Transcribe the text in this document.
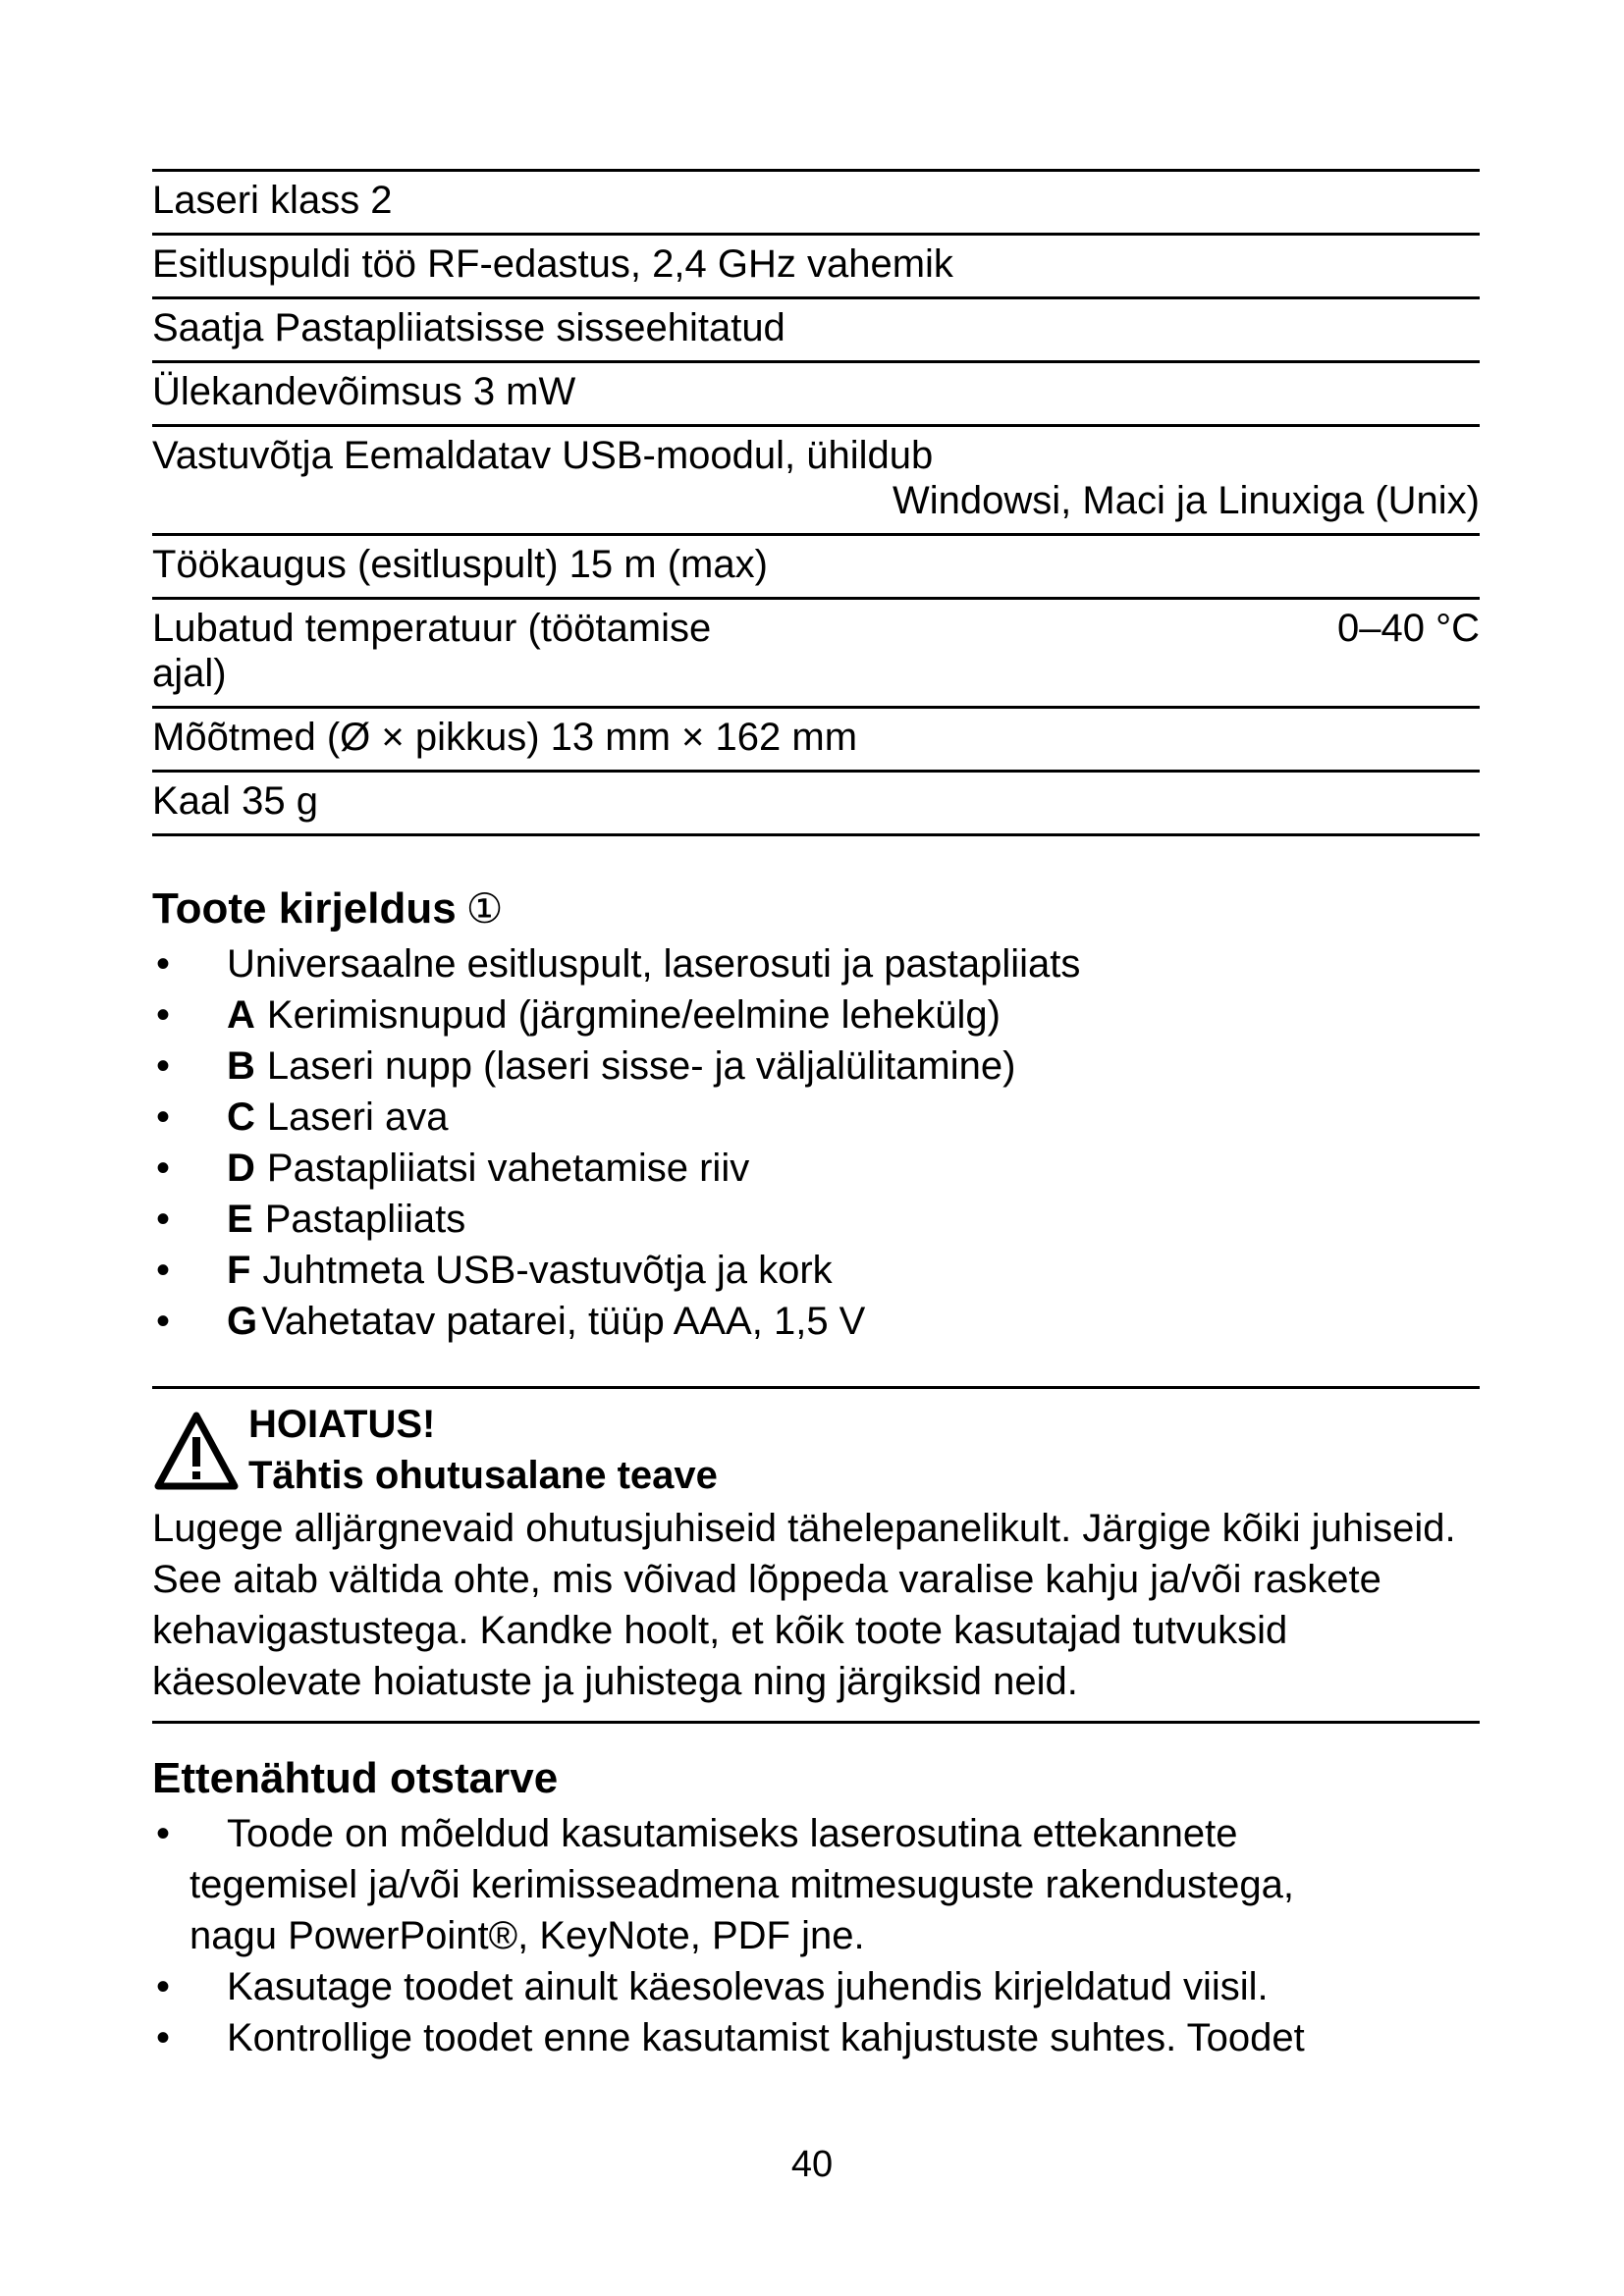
Laseri klass 2
Esitluspuldi töö RF-edastus, 2,4 GHz vahemik
Saatja Pastapliiatsisse sisseehitatud
Ülekandevõimsus 3 mW
Vastuvõtja Eemaldatav USB-moodul, ühildub
Windowsi, Maci ja Linuxiga (Unix)
Töökaugus (esitluspult) 15 m (max)
Lubatud temperatuur (töötamise	0–40 °C
ajal)
Mõõtmed (Ø × pikkus) 13 mm × 162 mm
Kaal 35 g
Toote kirjeldus ①
•	Universaalne esitluspult, laserosuti ja pastapliiats
•	A Kerimisnupud (järgmine/eelmine lehekülg)
•	B Laseri nupp (laseri sisse- ja väljalülitamine)
•	C Laseri ava
•	D Pastapliiatsi vahetamise riiv
•	E Pastapliiats
•	F Juhtmeta USB-vastuvõtja ja kork
•	G Vahetatav patarei, tüüp AAA, 1,5 V
HOIATUS!
Tähtis ohutusalane teave
Lugege alljärgnevaid ohutusjuhiseid tähelepanelikult. Järgige kõiki juhiseid. See aitab vältida ohte, mis võivad lõppeda varalise kahju ja/või raskete kehavigastustega. Kandke hoolt, et kõik toote kasutajad tutvuksid käesolevate hoiatuste ja juhistega ning järgiksid neid.
Ettenähtud otstarve
•	Toode on mõeldud kasutamiseks laserosutina ettekannete
tegemisel ja/või kerimisseadmena mitmesuguste rakendustega,
nagu PowerPoint®, KeyNote, PDF jne.
•	Kasutage toodet ainult käesolevas juhendis kirjeldatud viisil.
•	Kontrollige toodet enne kasutamist kahjustuste suhtes. Toodet
40
